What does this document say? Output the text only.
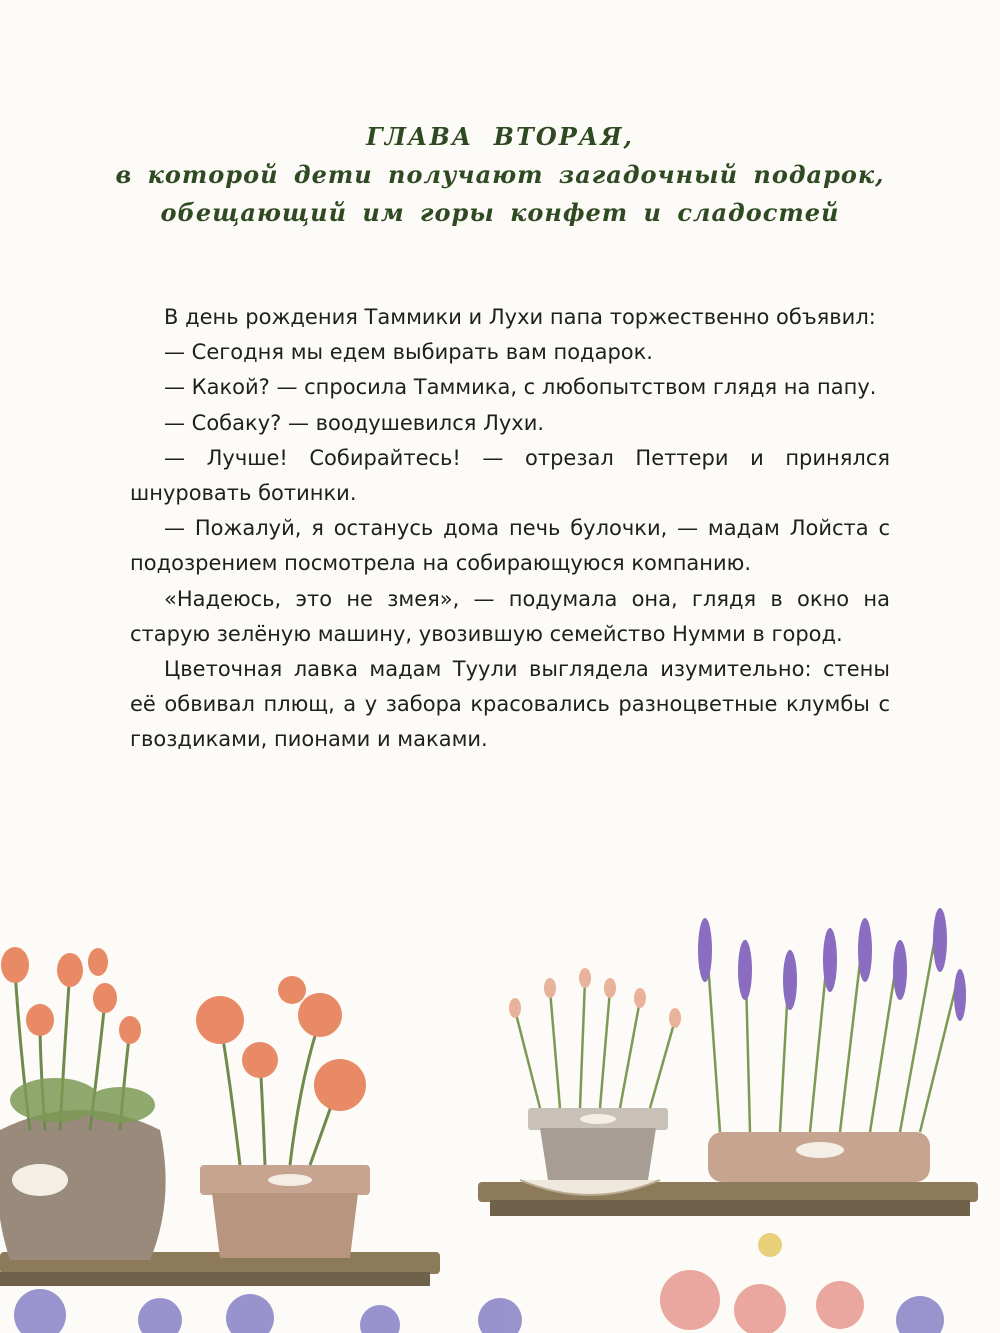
ГЛАВА ВТОРАЯ,
в которой дети получают загадочный подарок,
обещающий им горы конфет и сладостей

В день рождения Таммики и Лухи папа торжественно объявил:

— Сегодня мы едем выбирать вам подарок.

— Какой? — спросила Таммика, с любопытством глядя на папу.

— Собаку? — воодушевился Лухи.

— Лучше! Собирайтесь! — отрезал Петтери и принялся шнуровать ботинки.

— Пожалуй, я останусь дома печь булочки, — мадам Лойста с подозрением посмотрела на собирающуюся компанию.

«Надеюсь, это не змея», — подумала она, глядя в окно на старую зелёную машину, увозившую семейство Нумми в город.

Цветочная лавка мадам Туули выглядела изумительно: стены её обвивал плющ, а у забора красовались разноцветные клумбы с гвоздиками, пионами и маками.
